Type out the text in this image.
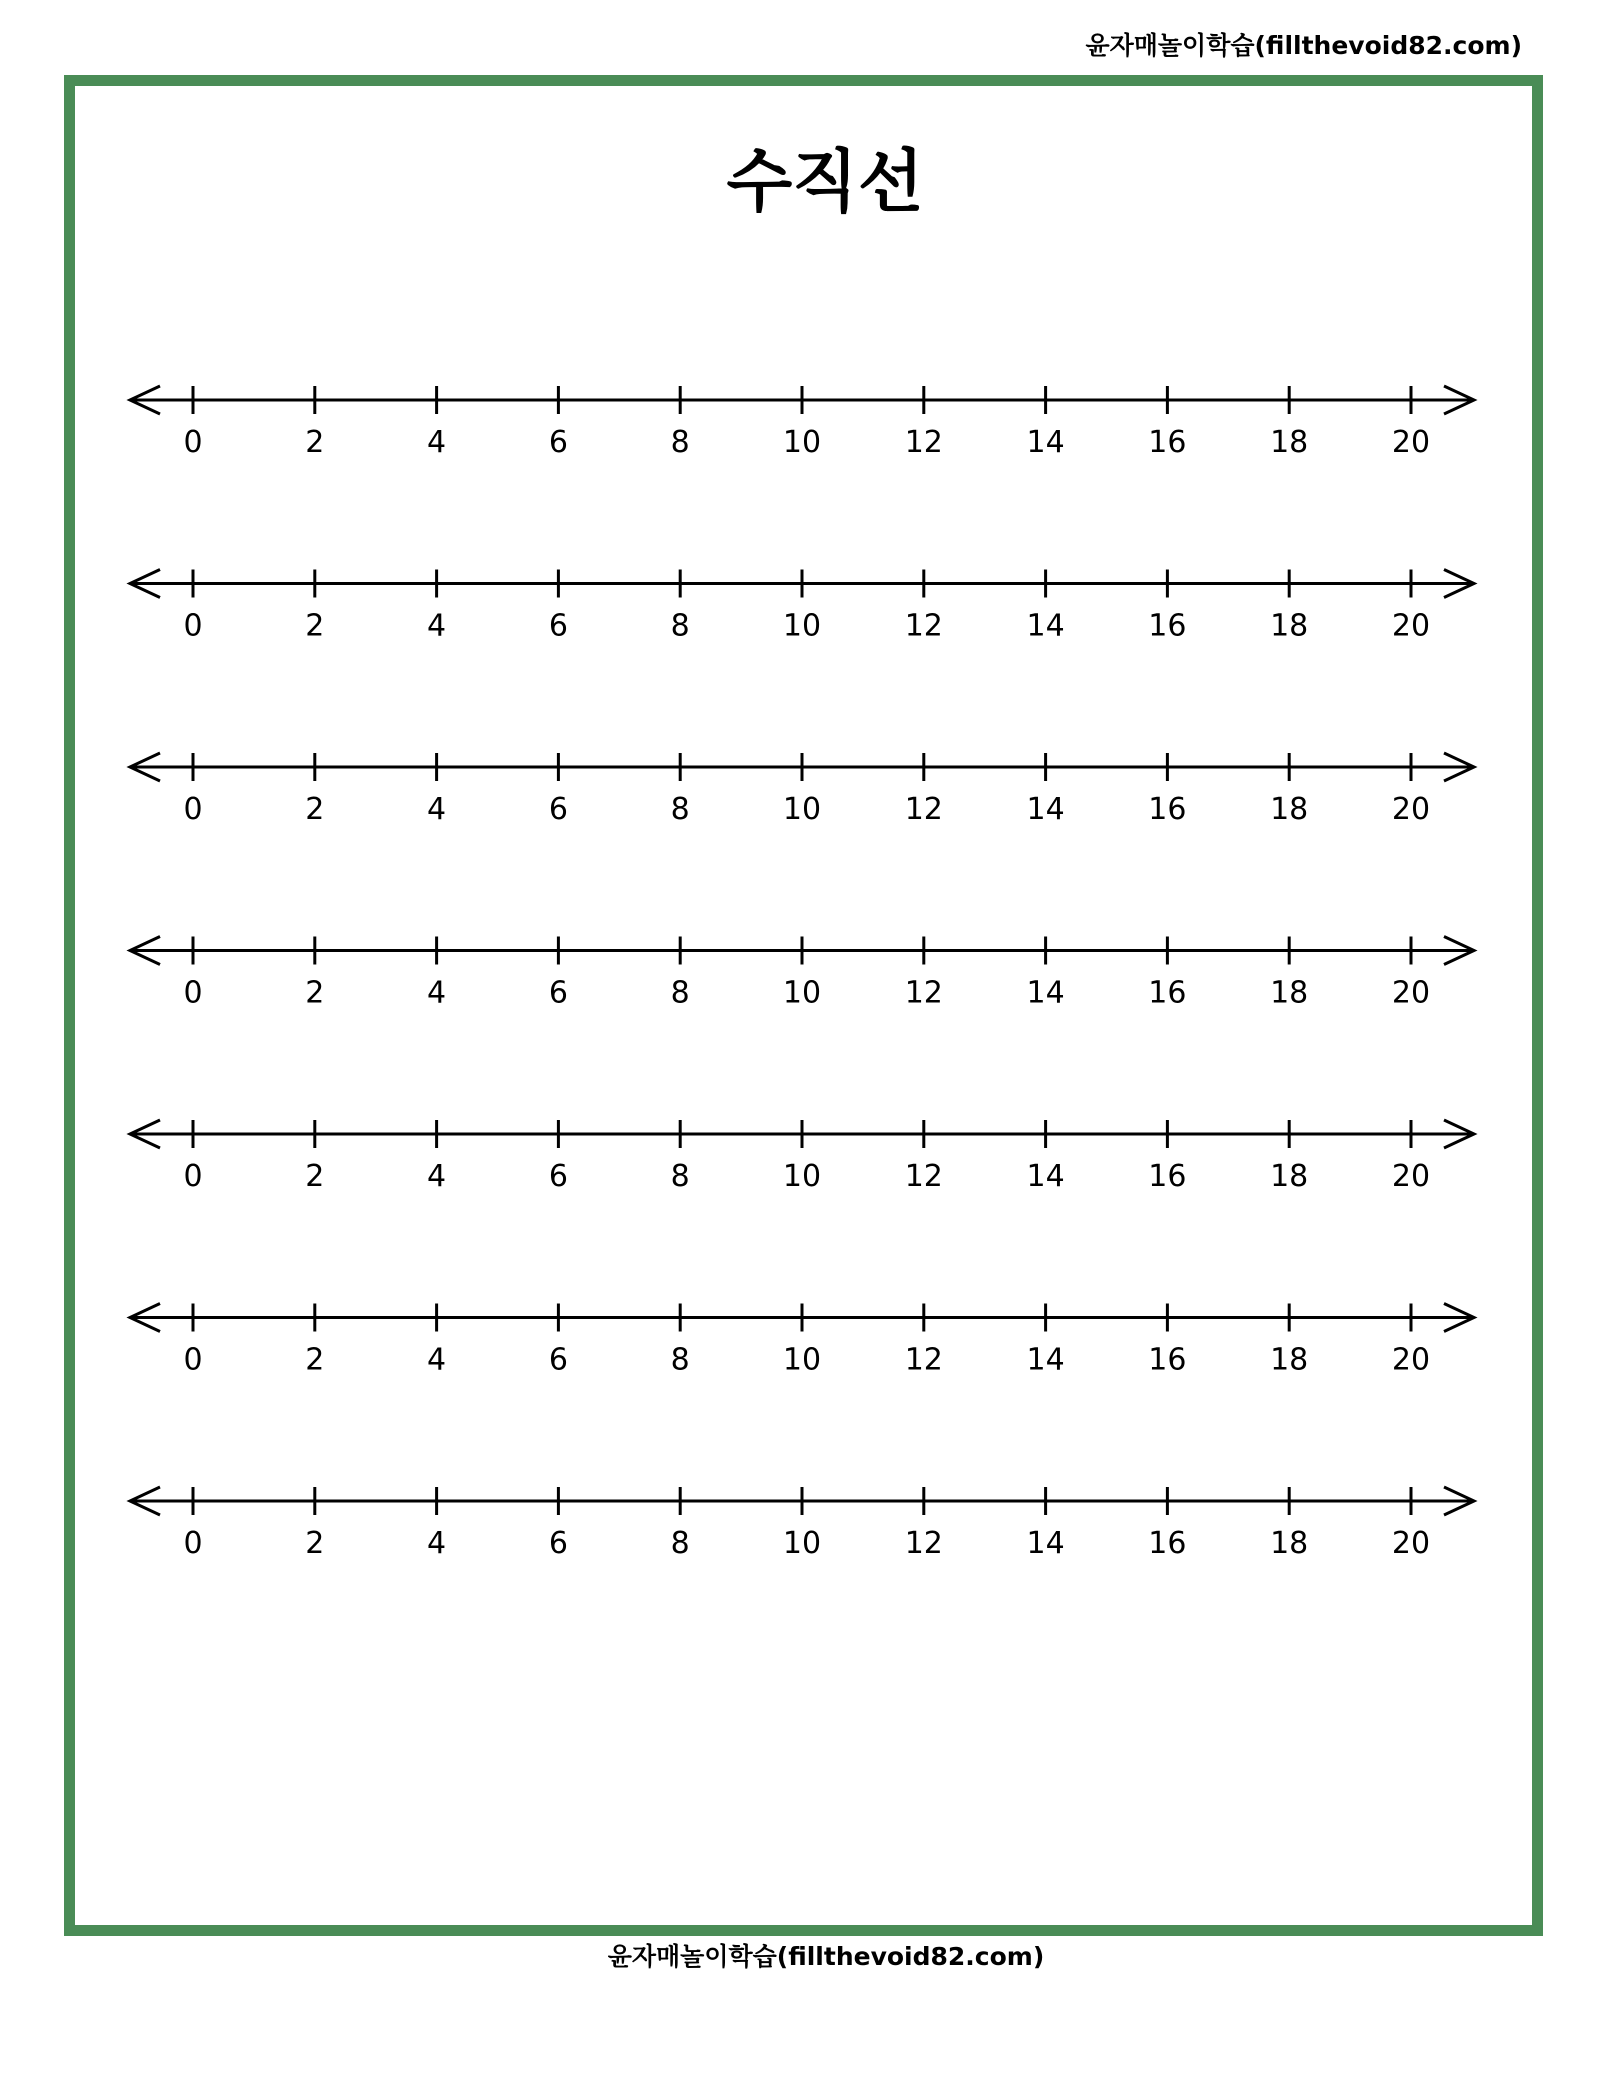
윤자매놀이학습(fillthevoid82.com)
수직선
0	2	4	6	8	10	12	14	16	18	20
0	2	4	6	8	10	12	14	16	18	20
0	2	4	6	8	10	12	14	16	18	20
0	2	4	6	8	10	12	14	16	18	20
0	2	4	6	8	10	12	14	16	18	20
0	2	4	6	8	10	12	14	16	18	20
0	2	4	6	8	10	12	14	16	18	20
윤자매놀이학습(fillthevoid82.com)
